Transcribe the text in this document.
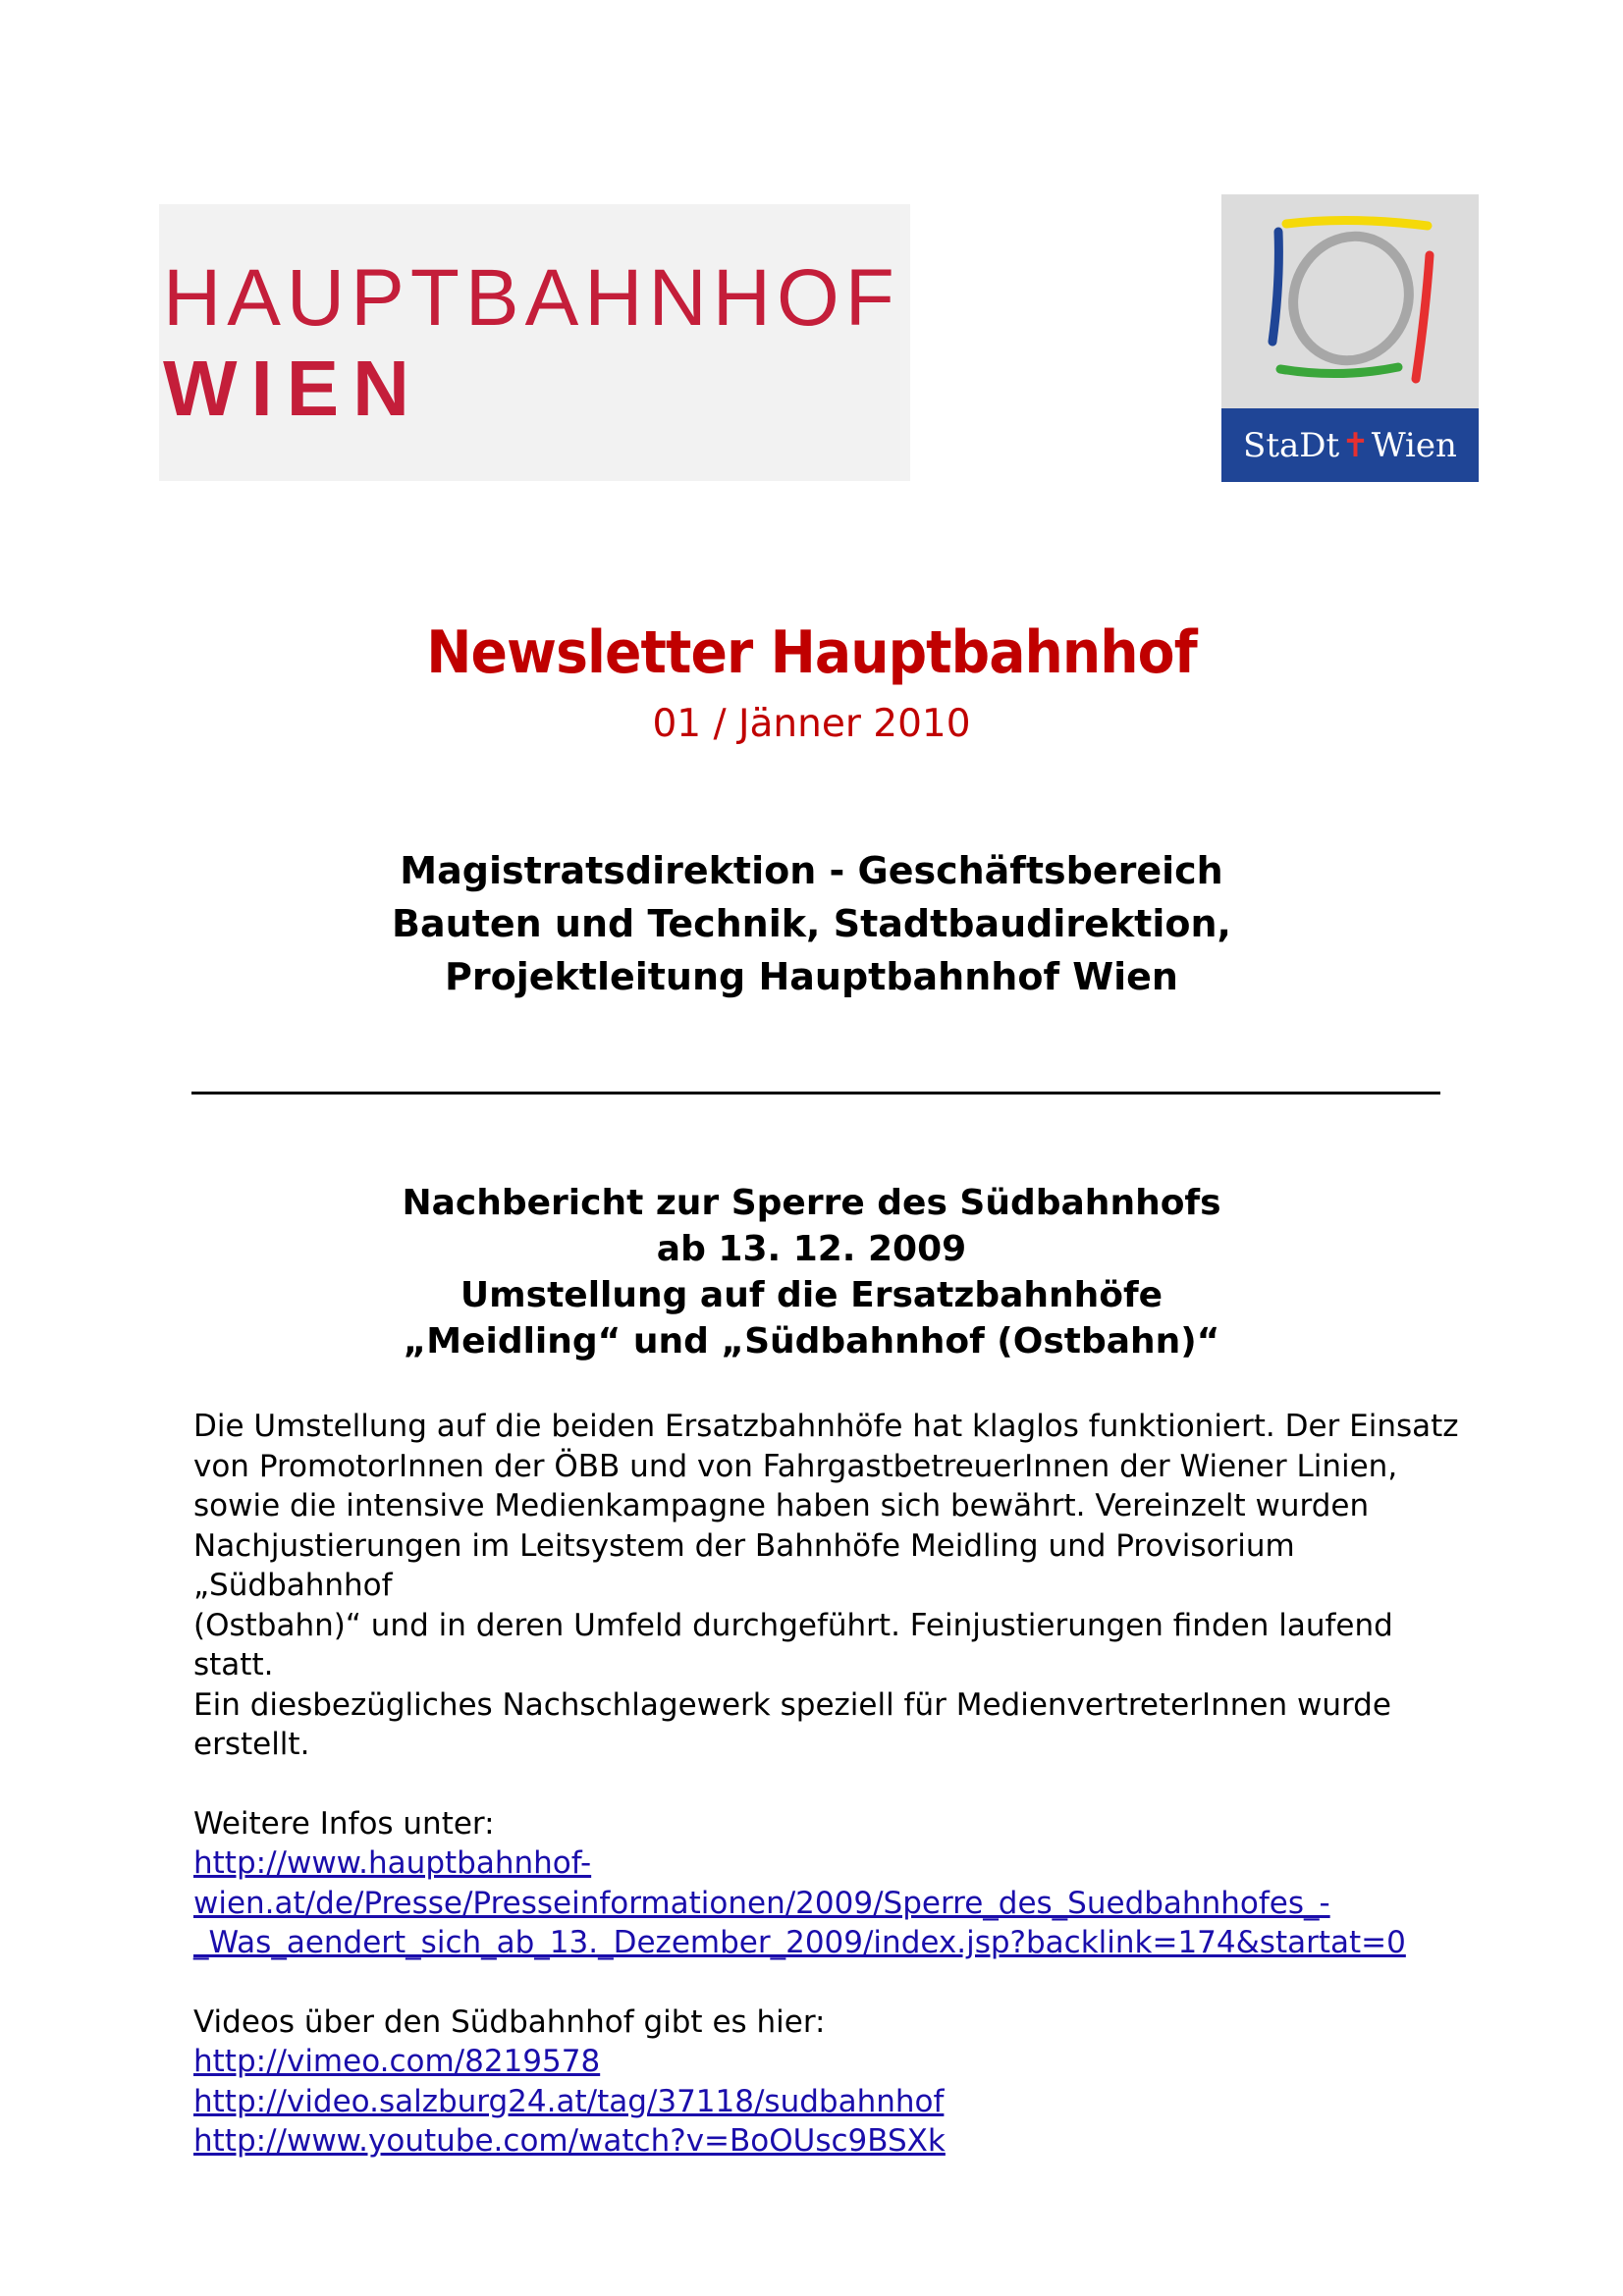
HAUPTBAHNHOF
WIEN
StaDt✝Wien
Newsletter Hauptbahnhof
01 / Jänner 2010
Magistratsdirektion - Geschäftsbereich
Bauten und Technik, Stadtbaudirektion,
Projektleitung Hauptbahnhof Wien
Nachbericht zur Sperre des Südbahnhofs
ab 13. 12. 2009
Umstellung auf die Ersatzbahnhöfe
„Meidling“ und „Südbahnhof (Ostbahn)“

Die Umstellung auf die beiden Ersatzbahnhöfe hat klaglos funktioniert. Der Einsatz

von PromotorInnen der ÖBB und von FahrgastbetreuerInnen der Wiener Linien,

sowie die intensive Medienkampagne haben sich bewährt. Vereinzelt wurden

Nachjustierungen im Leitsystem der Bahnhöfe Meidling und Provisorium „Südbahnhof

(Ostbahn)“ und in deren Umfeld durchgeführt. Feinjustierungen finden laufend statt.

Ein diesbezügliches Nachschlagewerk speziell für MedienvertreterInnen wurde

erstellt.

Weitere Infos unter:

http://www.hauptbahnhof-
wien.at/de/Presse/Presseinformationen/2009/Sperre_des_Suedbahnhofes_-
_Was_aendert_sich_ab_13._Dezember_2009/index.jsp?backlink=174&startat=0

Videos über den Südbahnhof gibt es hier:

http://vimeo.com/8219578
http://video.salzburg24.at/tag/37118/sudbahnhof
http://www.youtube.com/watch?v=BoOUsc9BSXk
